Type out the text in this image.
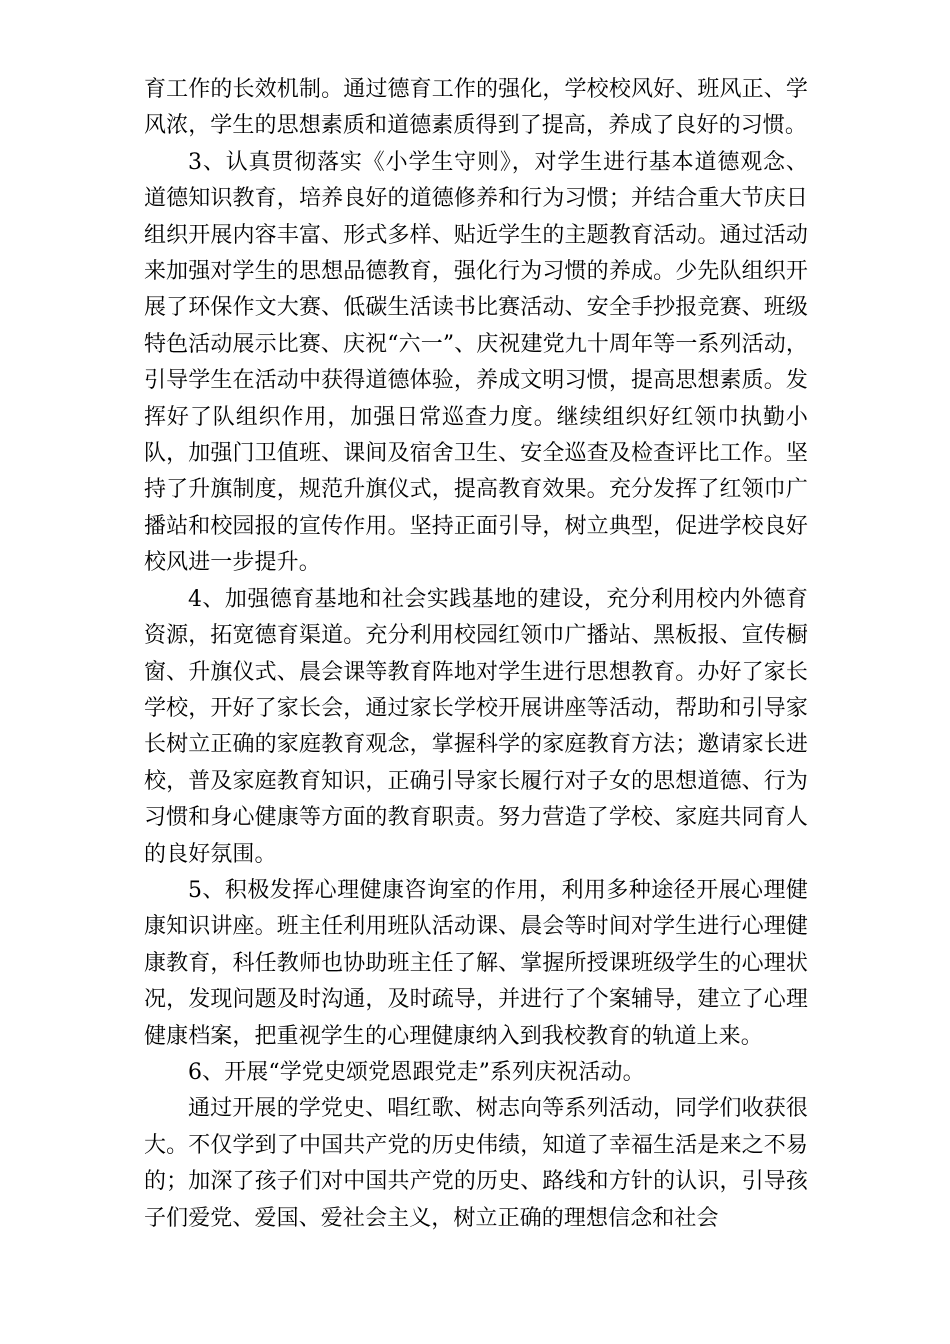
育工作的长效机制。通过德育工作的强化，学校校风好、班风正、学风浓，学生的思想素质和道德素质得到了提高，养成了良好的习惯。

3、认真贯彻落实《小学生守则》，对学生进行基本道德观念、道德知识教育，培养良好的道德修养和行为习惯；并结合重大节庆日组织开展内容丰富、形式多样、贴近学生的主题教育活动。通过活动来加强对学生的思想品德教育，强化行为习惯的养成。少先队组织开展了环保作文大赛、低碳生活读书比赛活动、安全手抄报竞赛、班级特色活动展示比赛、庆祝“六一”、庆祝建党九十周年等一系列活动，引导学生在活动中获得道德体验，养成文明习惯，提高思想素质。发挥好了队组织作用，加强日常巡查力度。继续组织好红领巾执勤小队，加强门卫值班、课间及宿舍卫生、安全巡查及检查评比工作。坚持了升旗制度，规范升旗仪式，提高教育效果。充分发挥了红领巾广播站和校园报的宣传作用。坚持正面引导，树立典型，促进学校良好校风进一步提升。

4、加强德育基地和社会实践基地的建设，充分利用校内外德育资源，拓宽德育渠道。充分利用校园红领巾广播站、黑板报、宣传橱窗、升旗仪式、晨会课等教育阵地对学生进行思想教育。办好了家长学校，开好了家长会，通过家长学校开展讲座等活动，帮助和引导家长树立正确的家庭教育观念，掌握科学的家庭教育方法；邀请家长进校，普及家庭教育知识，正确引导家长履行对子女的思想道德、行为习惯和身心健康等方面的教育职责。努力营造了学校、家庭共同育人的良好氛围。

5、积极发挥心理健康咨询室的作用，利用多种途径开展心理健康知识讲座。班主任利用班队活动课、晨会等时间对学生进行心理健康教育，科任教师也协助班主任了解、掌握所授课班级学生的心理状况，发现问题及时沟通，及时疏导，并进行了个案辅导，建立了心理健康档案，把重视学生的心理健康纳入到我校教育的轨道上来。

6、开展“学党史颂党恩跟党走”系列庆祝活动。

通过开展的学党史、唱红歌、树志向等系列活动，同学们收获很大。不仅学到了中国共产党的历史伟绩，知道了幸福生活是来之不易的；加深了孩子们对中国共产党的历史、路线和方针的认识，引导孩子们爱党、爱国、爱社会主义，树立正确的理想信念和社会
